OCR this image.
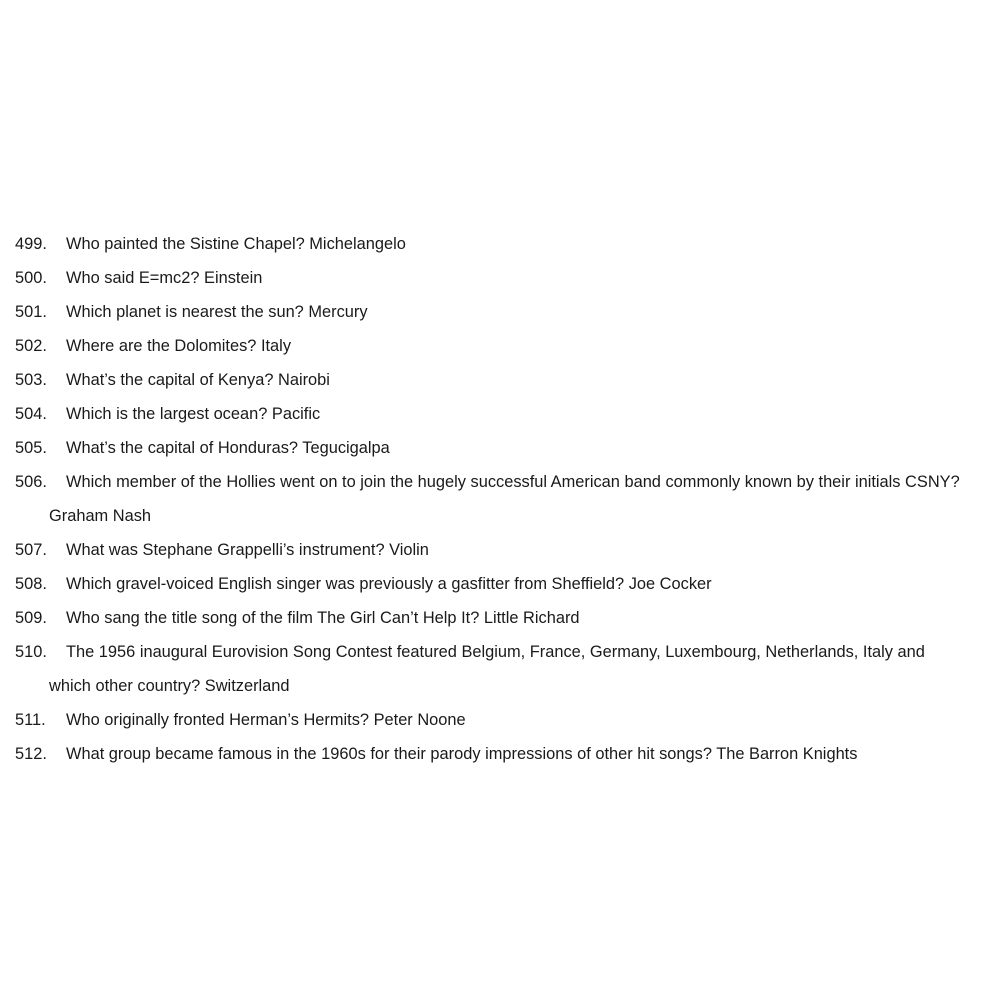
499. Who painted the Sistine Chapel? Michelangelo
500. Who said E=mc2? Einstein
501. Which planet is nearest the sun? Mercury
502. Where are the Dolomites? Italy
503. What’s the capital of Kenya? Nairobi
504. Which is the largest ocean? Pacific
505. What’s the capital of Honduras? Tegucigalpa
506. Which member of the Hollies went on to join the hugely successful American band commonly known by their initials CSNY?
Graham Nash
507. What was Stephane Grappelli’s instrument? Violin
508. Which gravel-voiced English singer was previously a gasfitter from Sheffield? Joe Cocker
509. Who sang the title song of the film The Girl Can’t Help It? Little Richard
510. The 1956 inaugural Eurovision Song Contest featured Belgium, France, Germany, Luxembourg, Netherlands, Italy and
which other country? Switzerland
511. Who originally fronted Herman’s Hermits? Peter Noone
512. What group became famous in the 1960s for their parody impressions of other hit songs? The Barron Knights
